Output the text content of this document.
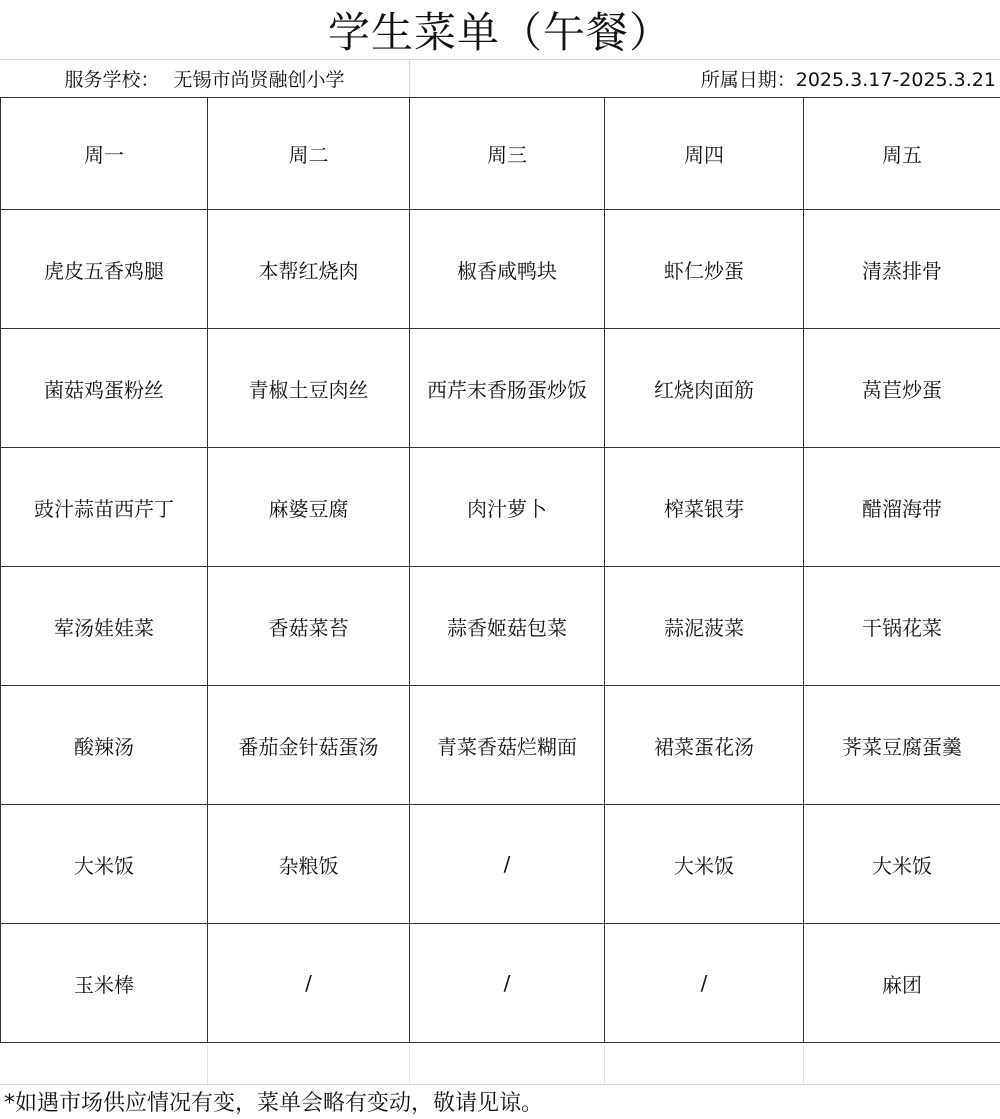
学生菜单（午餐）
服务学校： 无锡市尚贤融创小学	所属日期：2025.3.17-2025.3.21
周一	周二	周三	周四	周五
虎皮五香鸡腿	本帮红烧肉	椒香咸鸭块	虾仁炒蛋	清蒸排骨
菌菇鸡蛋粉丝	青椒土豆肉丝	西芹末香肠蛋炒饭	红烧肉面筋	莴苣炒蛋
豉汁蒜苗西芹丁	麻婆豆腐	肉汁萝卜	榨菜银芽	醋溜海带
荤汤娃娃菜	香菇菜苔	蒜香姬菇包菜	蒜泥菠菜	干锅花菜
酸辣汤	番茄金针菇蛋汤	青菜香菇烂糊面	裙菜蛋花汤	荠菜豆腐蛋羹
大米饭	杂粮饭	/	大米饭	大米饭
玉米棒	/	/	/	麻团
*如遇市场供应情况有变，菜单会略有变动，敬请见谅。
